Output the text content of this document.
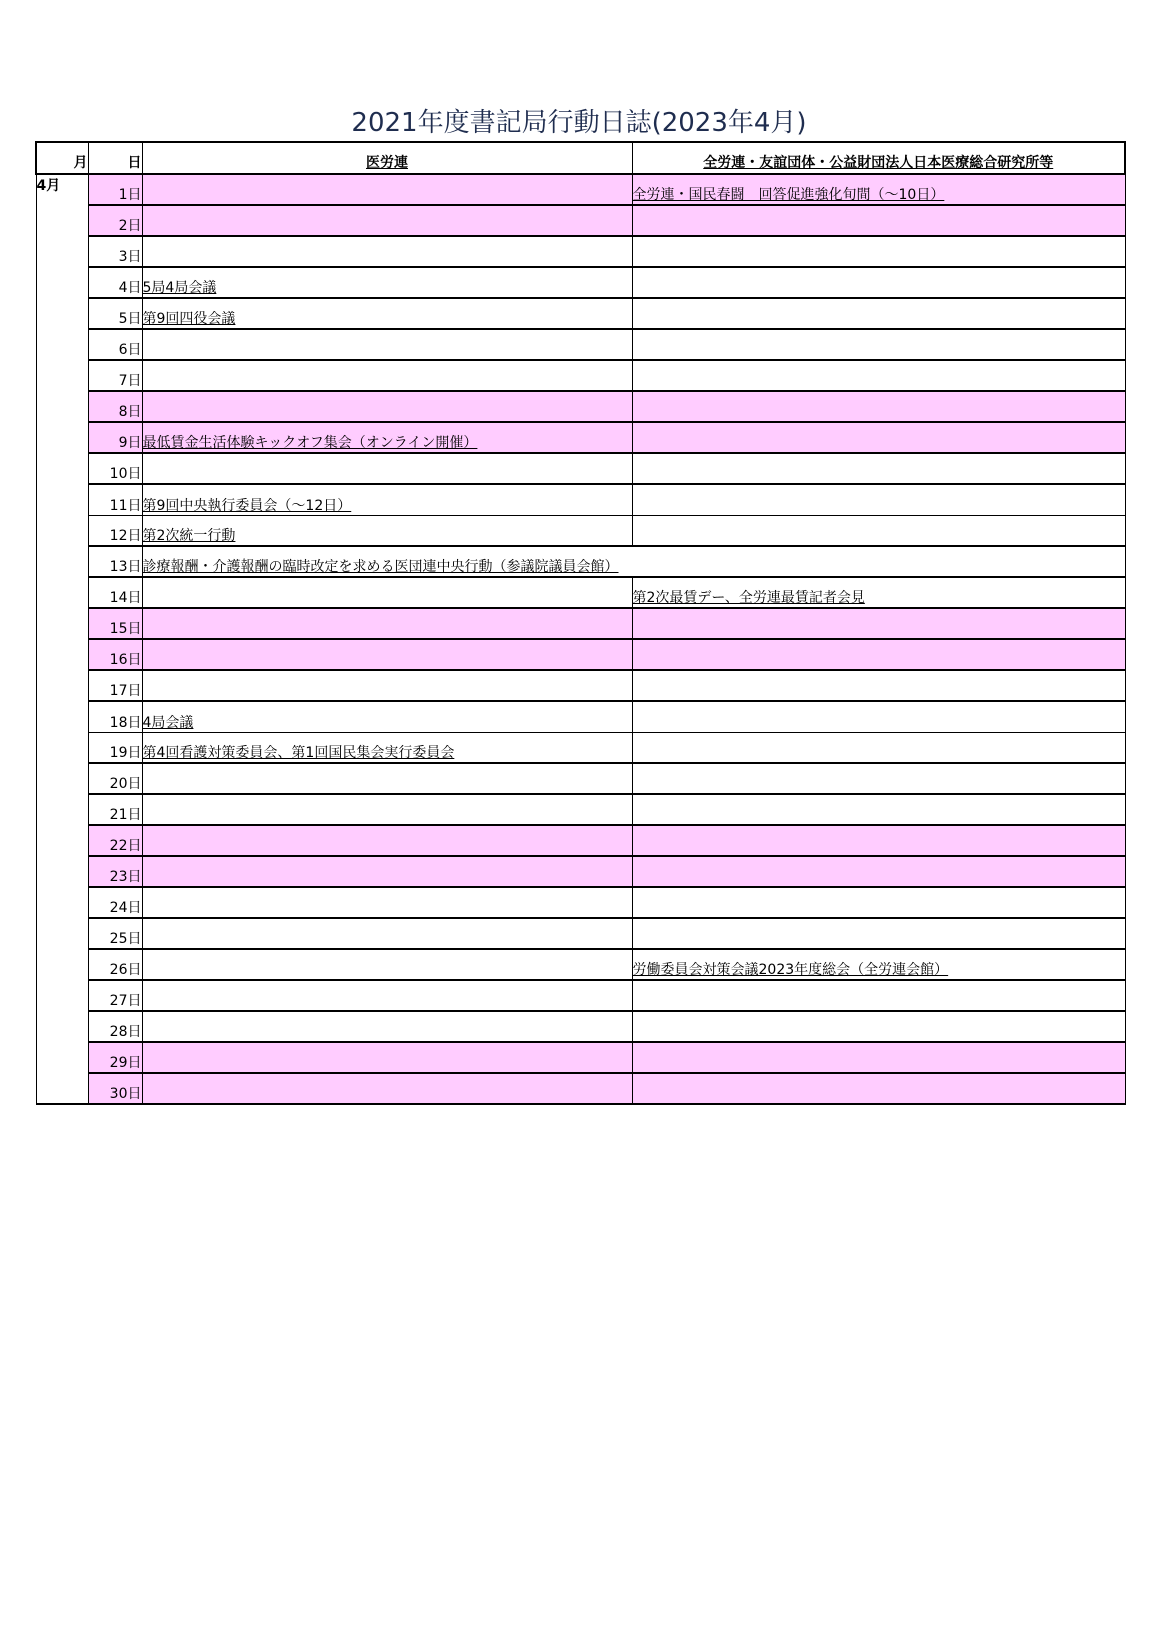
2021年度書記局行動日誌(2023年4月)
月	日	医労連	全労連・友誼団体・公益財団法人日本医療総合研究所等
4月	1日		全労連・国民春闘　回答促進強化旬間（～10日）
	2日		
	3日		
	4日	5局4局会議	
	5日	第9回四役会議	
	6日		
	7日		
	8日		
	9日	最低賃金生活体験キックオフ集会（オンライン開催）	
	10日		
	11日	第9回中央執行委員会（～12日）	
	12日	第2次統一行動	
	13日	診療報酬・介護報酬の臨時改定を求める医団連中央行動（参議院議員会館）	
	14日		第2次最賃デー、全労連最賃記者会見
	15日		
	16日		
	17日		
	18日	4局会議	
	19日	第4回看護対策委員会、第1回国民集会実行委員会	
	20日		
	21日		
	22日		
	23日		
	24日		
	25日		
	26日		労働委員会対策会議2023年度総会（全労連会館）
	27日		
	28日		
	29日		
	30日		
